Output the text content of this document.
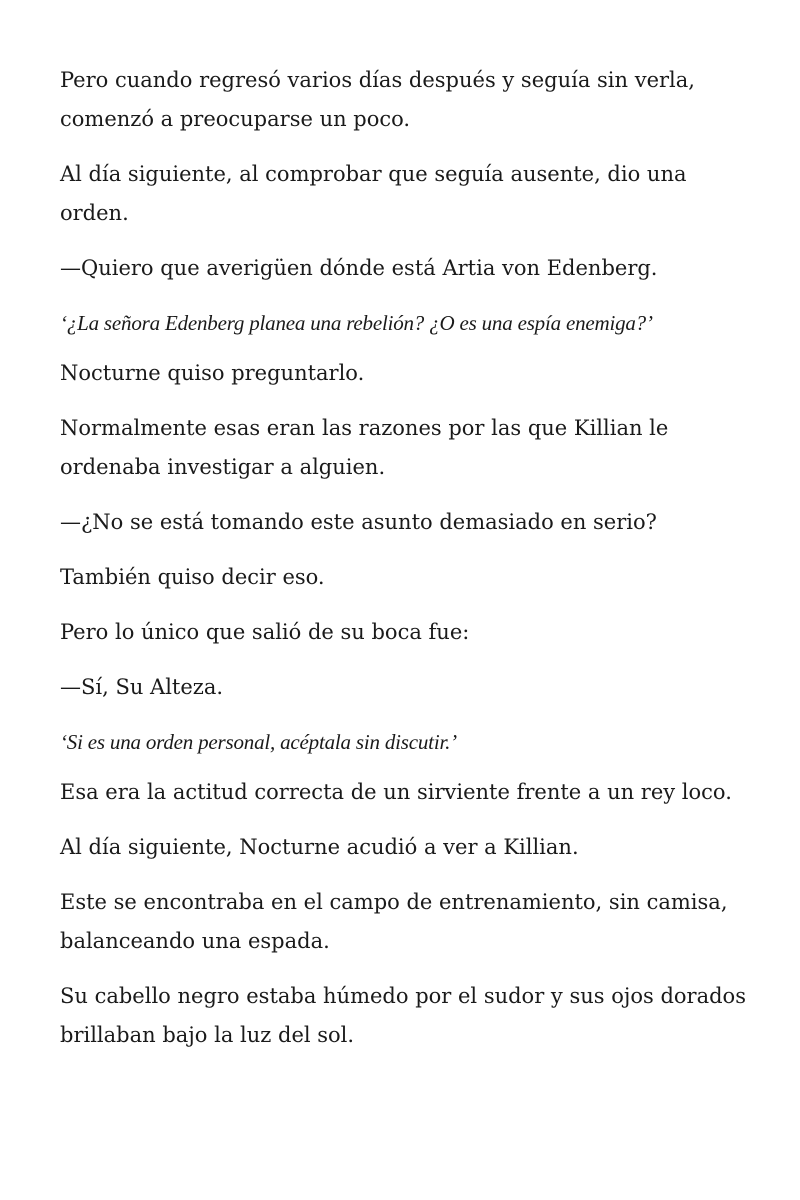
Pero cuando regresó varios días después y seguía sin verla, comenzó a preocuparse un poco.

Al día siguiente, al comprobar que seguía ausente, dio una orden.

—Quiero que averigüen dónde está Artia von Edenberg.

‘¿La señora Edenberg planea una rebelión? ¿O es una espía enemiga?’

Nocturne quiso preguntarlo.

Normalmente esas eran las razones por las que Killian le ordenaba investigar a alguien.

—¿No se está tomando este asunto demasiado en serio?

También quiso decir eso.

Pero lo único que salió de su boca fue:

—Sí, Su Alteza.

‘Si es una orden personal, acéptala sin discutir.’

Esa era la actitud correcta de un sirviente frente a un rey loco.

Al día siguiente, Nocturne acudió a ver a Killian.

Este se encontraba en el campo de entrenamiento, sin camisa, balanceando una espada.

Su cabello negro estaba húmedo por el sudor y sus ojos dorados brillaban bajo la luz del sol.
